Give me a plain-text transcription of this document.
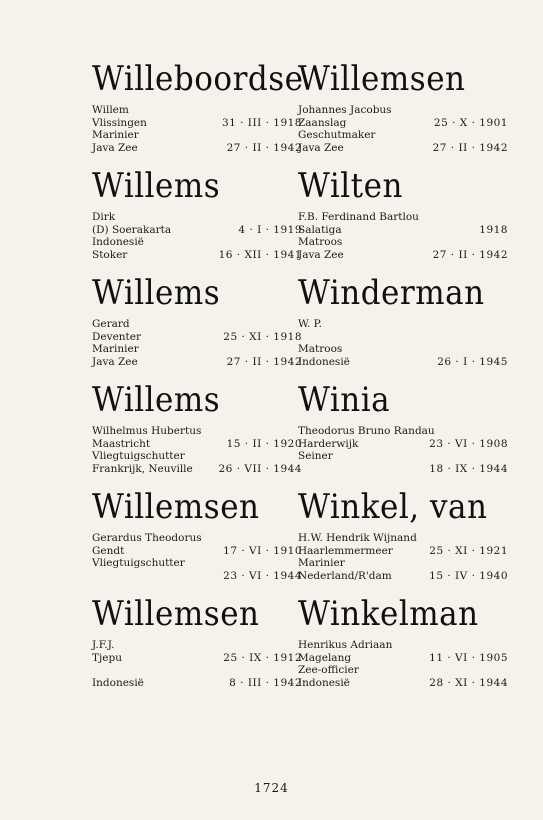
Willeboordse
Willem
Vlissingen	31 · III · 1918
Marinier
Java Zee	27 · II · 1942
Willems
Dirk
(D) Soerakarta	4 · I · 1919
Indonesië
Stoker	16 · XII · 1941
Willems
Gerard
Deventer	25 · XI · 1918
Marinier
Java Zee	27 · II · 1942
Willems
Wilhelmus Hubertus
Maastricht	15 · II · 1920
Vliegtuigschutter
Frankrijk, Neuville 26 · VII · 1944
Willemsen
Gerardus Theodorus
Gendt	17 · VI · 1910
Vliegtuigschutter
23 · VI · 1944
Willemsen
J.F.J.
Tjepu	25 · IX · 1912
Indonesië	8 · III · 1942
Willemsen
Johannes Jacobus
Zaanslag	25 · X · 1901
Geschutmaker
Java Zee	27 · II · 1942
Wilten
F.B. Ferdinand Bartlou
Salatiga	1918
Matroos
Java Zee	27 · II · 1942
Winderman
W. P.
Matroos
Indonesië	26 · I · 1945
Winia
Theodorus Bruno Randau
Harderwijk	23 · VI · 1908
Seiner
18 · IX · 1944
Winkel, van
H.W. Hendrik Wijnand
Haarlemmermeer	25 · XI · 1921
Marinier
Nederland/R'dam	15 · IV · 1940
Winkelman
Henrikus Adriaan
Magelang	11 · VI · 1905
Zee-officier
Indonesië	28 · XI · 1944
1724
